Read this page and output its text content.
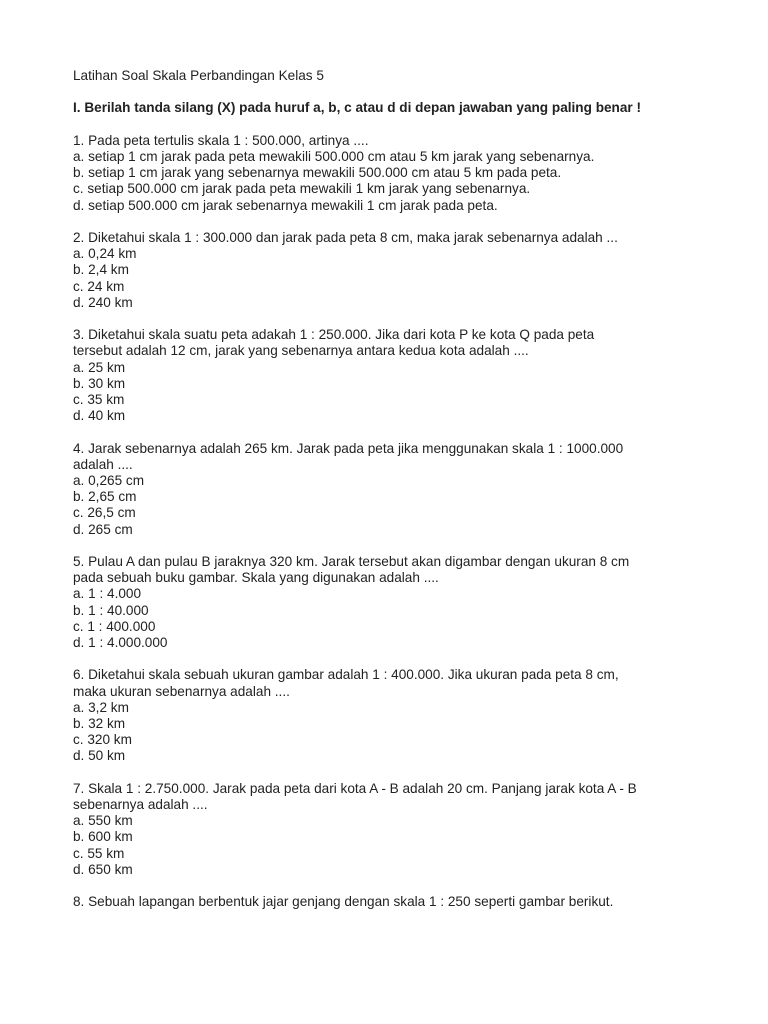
Latihan Soal Skala Perbandingan Kelas 5
I. Berilah tanda silang (X) pada huruf a, b, c atau d di depan jawaban yang paling benar !
1. Pada peta tertulis skala 1 : 500.000, artinya ....
a. setiap 1 cm jarak pada peta mewakili 500.000 cm atau 5 km jarak yang sebenarnya.
b. setiap 1 cm jarak yang sebenarnya mewakili 500.000 cm atau 5 km pada peta.
c. setiap 500.000 cm jarak pada peta mewakili 1 km jarak yang sebenarnya.
d. setiap 500.000 cm jarak sebenarnya mewakili 1 cm jarak pada peta.
2. Diketahui skala 1 : 300.000 dan jarak pada peta 8 cm, maka jarak sebenarnya adalah ...
a. 0,24 km
b. 2,4 km
c. 24 km
d. 240 km
3. Diketahui skala suatu peta adakah 1 : 250.000. Jika dari kota P ke kota Q pada peta
tersebut adalah 12 cm, jarak yang sebenarnya antara kedua kota adalah ....
a. 25 km
b. 30 km
c. 35 km
d. 40 km
4. Jarak sebenarnya adalah 265 km. Jarak pada peta jika menggunakan skala 1 : 1000.000
adalah ....
a. 0,265 cm
b. 2,65 cm
c. 26,5 cm
d. 265 cm
5. Pulau A dan pulau B jaraknya 320 km. Jarak tersebut akan digambar dengan ukuran 8 cm
pada sebuah buku gambar. Skala yang digunakan adalah ....
a. 1 : 4.000
b. 1 : 40.000
c. 1 : 400.000
d. 1 : 4.000.000
6. Diketahui skala sebuah ukuran gambar adalah 1 : 400.000. Jika ukuran pada peta 8 cm,
maka ukuran sebenarnya adalah ....
a. 3,2 km
b. 32 km
c. 320 km
d. 50 km
7. Skala 1 : 2.750.000. Jarak pada peta dari kota A - B adalah 20 cm. Panjang jarak kota A - B
sebenarnya adalah ....
a. 550 km
b. 600 km
c. 55 km
d. 650 km
8. Sebuah lapangan berbentuk jajar genjang dengan skala 1 : 250 seperti gambar berikut.
